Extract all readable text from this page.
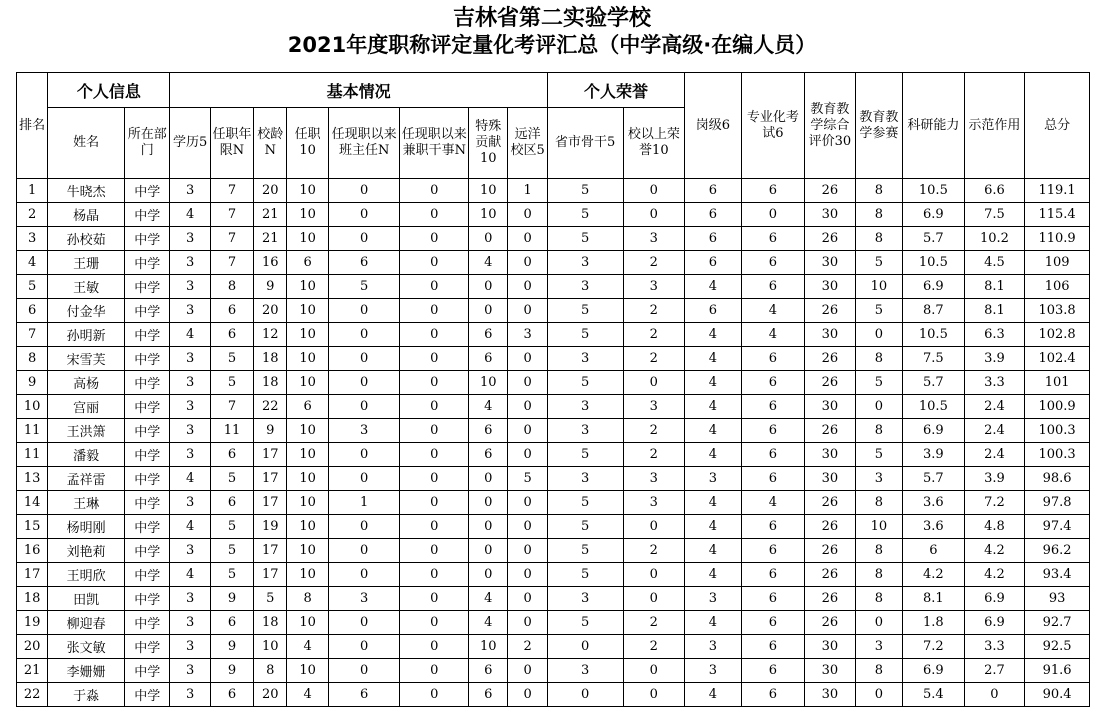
吉林省第二实验学校
2021年度职称评定量化考评汇总（中学高级·在编人员）
排名	个人信息		基本情况								个人荣誉		岗级6	专业化考试6	教育教学综合评价30	教育教学参赛	科研能力	示范作用	总分
	姓名	所在部门	学历5	任职年限N	校龄N	任职10	任现职以来班主任N	任现职以来兼职干事N	特殊贡献10	远洋校区5	省市骨干5	校以上荣誉10							
1	牛晓杰	中学	3	7	20	10	0	0	10	1	5	0	6	6	26	8	10.5	6.6	119.1
2	杨晶	中学	4	7	21	10	0	0	10	0	5	0	6	0	30	8	6.9	7.5	115.4
3	孙校茹	中学	3	7	21	10	0	0	0	0	5	3	6	6	26	8	5.7	10.2	110.9
4	王珊	中学	3	7	16	6	6	0	4	0	3	2	6	6	30	5	10.5	4.5	109
5	王敏	中学	3	8	9	10	5	0	0	0	3	3	4	6	30	10	6.9	8.1	106
6	付金华	中学	3	6	20	10	0	0	0	0	5	2	6	4	26	5	8.7	8.1	103.8
7	孙明新	中学	4	6	12	10	0	0	6	3	5	2	4	4	30	0	10.5	6.3	102.8
8	宋雪芙	中学	3	5	18	10	0	0	6	0	3	2	4	6	26	8	7.5	3.9	102.4
9	高杨	中学	3	5	18	10	0	0	10	0	5	0	4	6	26	5	5.7	3.3	101
10	宫丽	中学	3	7	22	6	0	0	4	0	3	3	4	6	30	0	10.5	2.4	100.9
11	王洪箫	中学	3	11	9	10	3	0	6	0	3	2	4	6	26	8	6.9	2.4	100.3
11	潘毅	中学	3	6	17	10	0	0	6	0	5	2	4	6	30	5	3.9	2.4	100.3
13	孟祥雷	中学	4	5	17	10	0	0	0	5	3	3	3	6	30	3	5.7	3.9	98.6
14	王琳	中学	3	6	17	10	1	0	0	0	5	3	4	4	26	8	3.6	7.2	97.8
15	杨明刚	中学	4	5	19	10	0	0	0	0	5	0	4	6	26	10	3.6	4.8	97.4
16	刘艳莉	中学	3	5	17	10	0	0	0	0	5	2	4	6	26	8	6	4.2	96.2
17	王明欣	中学	4	5	17	10	0	0	0	0	5	0	4	6	26	8	4.2	4.2	93.4
18	田凯	中学	3	9	5	8	3	0	4	0	3	0	3	6	26	8	8.1	6.9	93
19	柳迎春	中学	3	6	18	10	0	0	4	0	5	2	4	6	26	0	1.8	6.9	92.7
20	张文敏	中学	3	9	10	4	0	0	10	2	0	2	3	6	30	3	7.2	3.3	92.5
21	李姗姗	中学	3	9	8	10	0	0	6	0	3	0	3	6	30	8	6.9	2.7	91.6
22	于淼	中学	3	6	20	4	6	0	6	0	0	0	4	6	30	0	5.4	0	90.4
